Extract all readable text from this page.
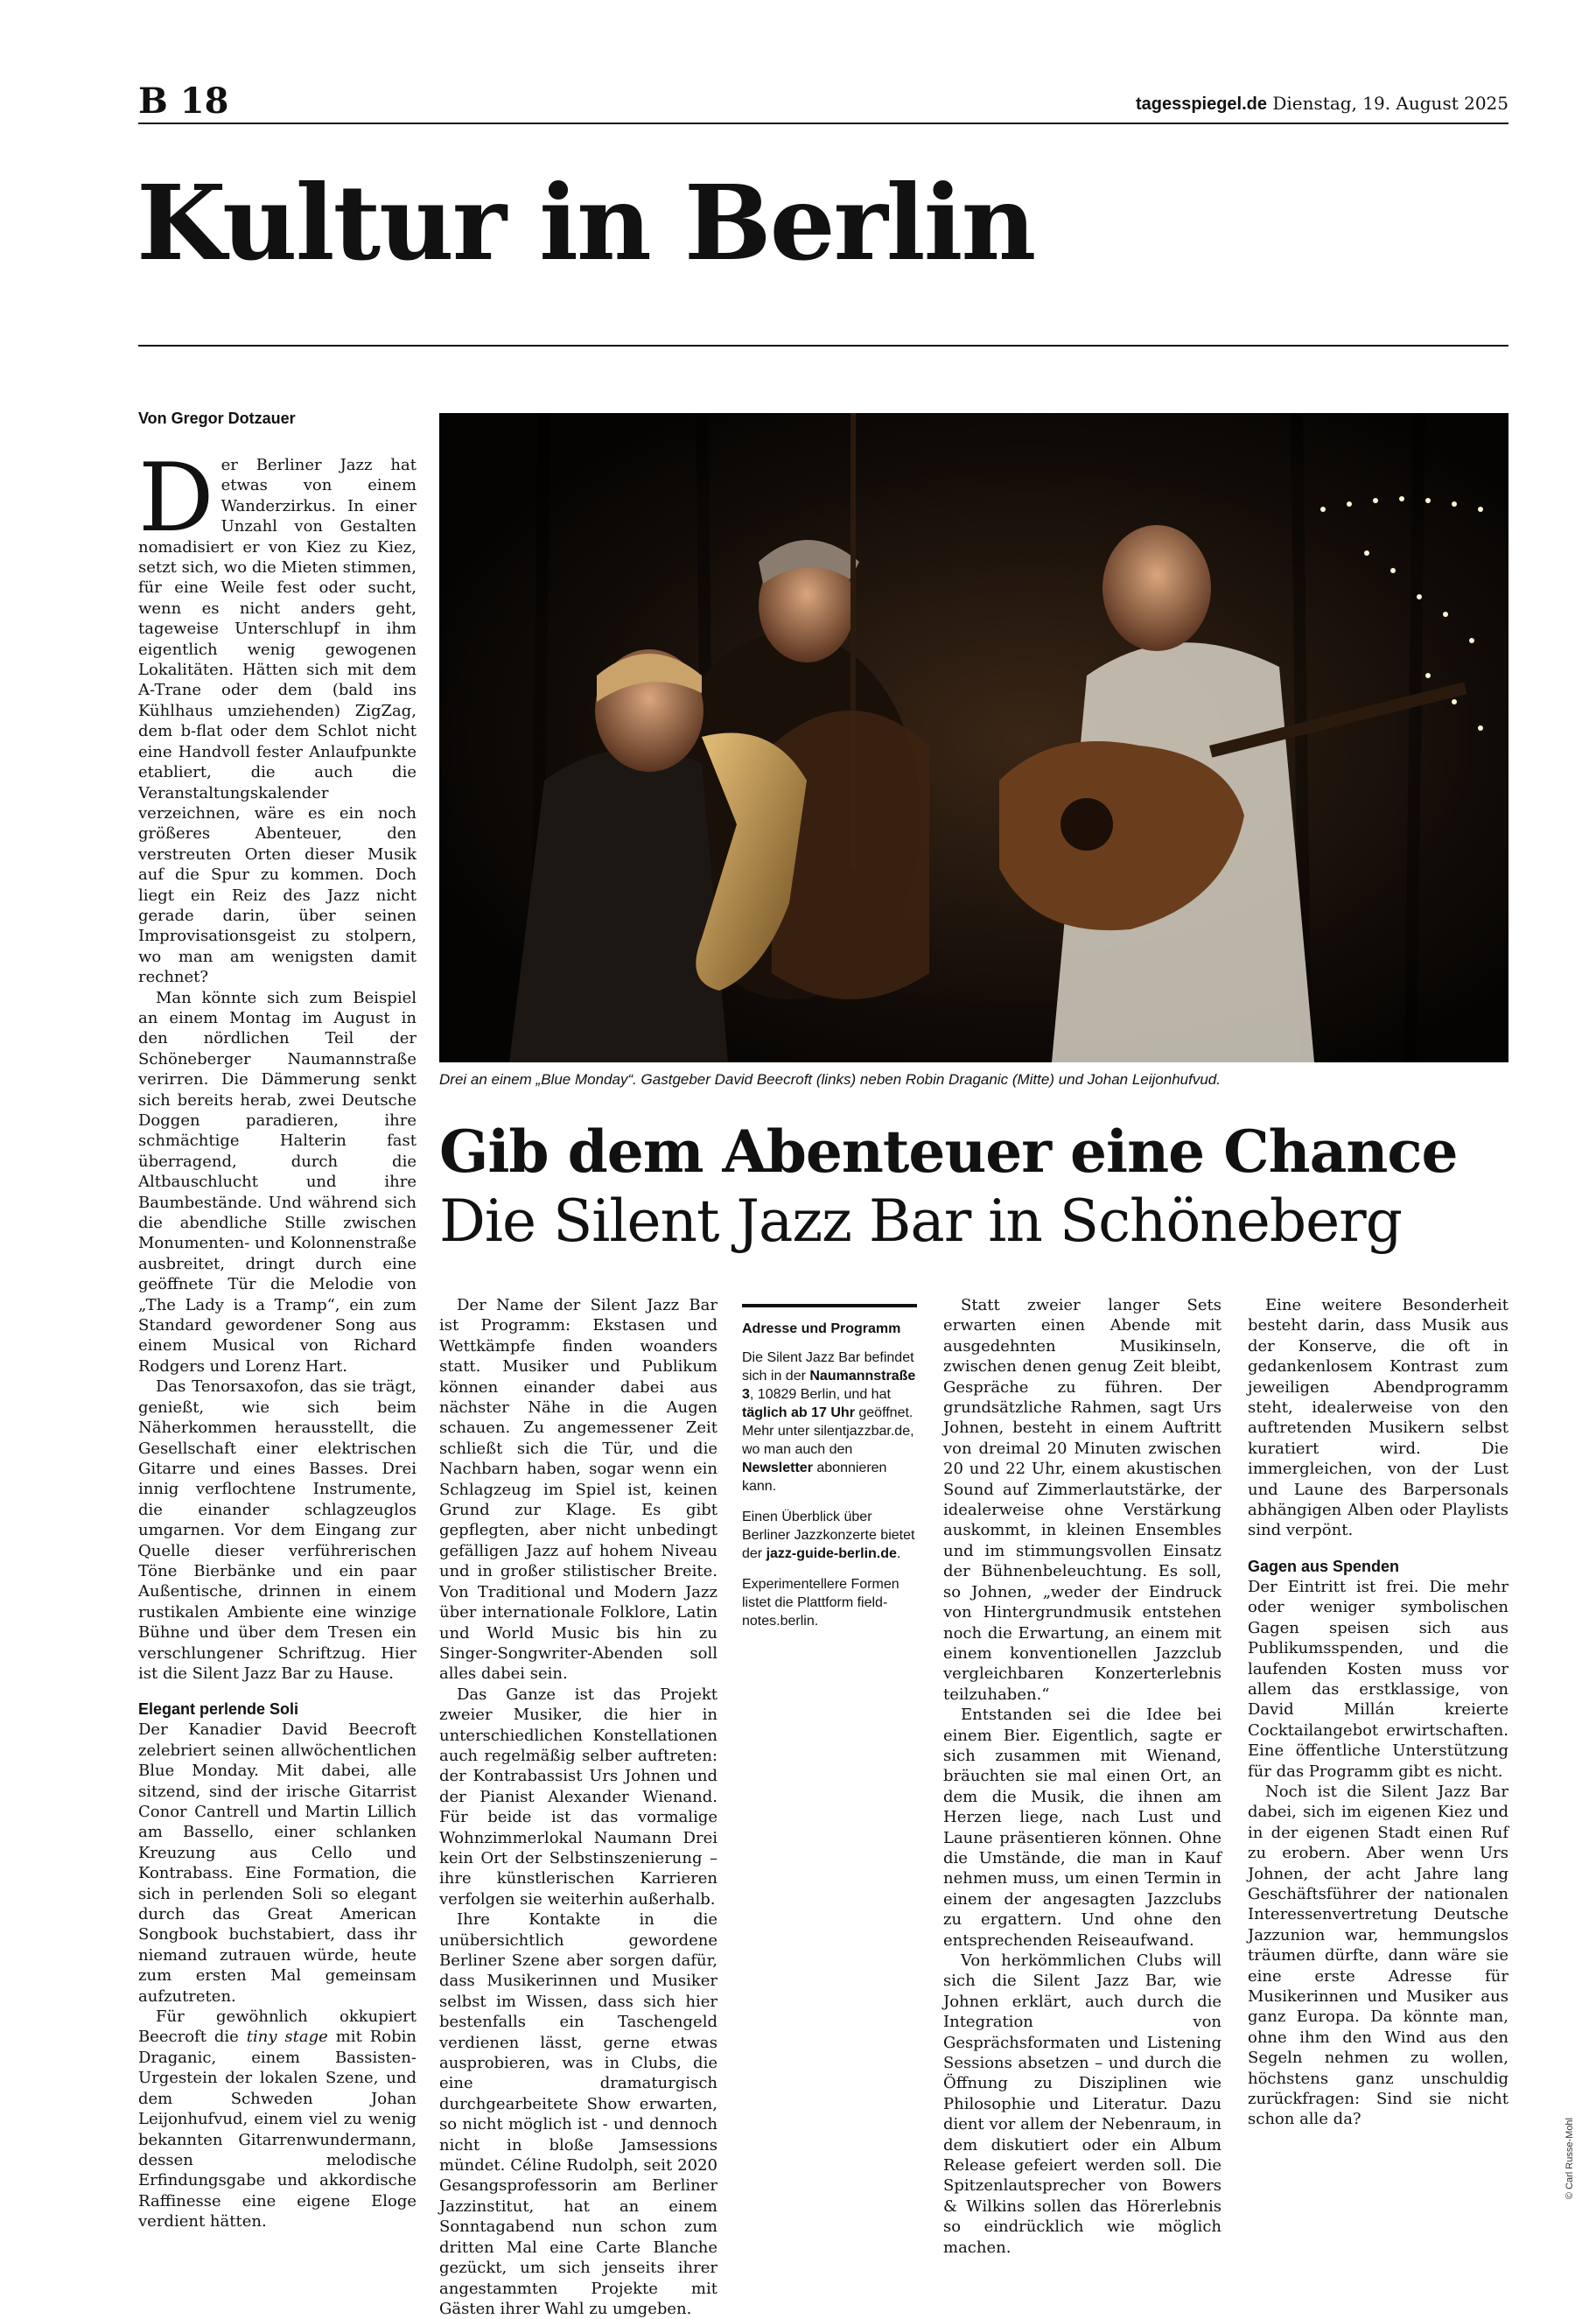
B 18	tagesspiegel.de Dienstag, 19. August 2025
Kultur in Berlin
Von Gregor Dotzauer
Drei an einem „Blue Monday“. Gastgeber David Beecroft (links) neben Robin Draganic (Mitte) und Johan Leijonhufvud.
Gib dem Abenteuer eine Chance
Die Silent Jazz Bar in Schöneberg

Der Berliner Jazz hat etwas von einem Wanderzirkus. In einer Unzahl von Gestalten nomadisiert er von Kiez zu Kiez, setzt sich, wo die Mieten stimmen, für eine Weile fest oder sucht, wenn es nicht anders geht, tageweise Unterschlupf in ihm eigentlich wenig gewogenen Lokalitäten. Hätten sich mit dem A-Trane oder dem (bald ins Kühlhaus umziehenden) ZigZag, dem b-flat oder dem Schlot nicht eine Handvoll fester Anlaufpunkte etabliert, die auch die Veranstaltungskalender verzeichnen, wäre es ein noch größeres Abenteuer, den verstreuten Orten dieser Musik auf die Spur zu kommen. Doch liegt ein Reiz des Jazz nicht gerade darin, über seinen Improvisationsgeist zu stolpern, wo man am wenigsten damit rechnet?

Man könnte sich zum Beispiel an einem Montag im August in den nördlichen Teil der Schöneberger Naumannstraße verirren. Die Dämmerung senkt sich bereits herab, zwei Deutsche Doggen paradieren, ihre schmächtige Halterin fast überragend, durch die Altbauschlucht und ihre Baumbestände. Und während sich die abendliche Stille zwischen Monumenten- und Kolonnenstraße ausbreitet, dringt durch eine geöffnete Tür die Melodie von „The Lady is a Tramp“, ein zum Standard gewordener Song aus einem Musical von Richard Rodgers und Lorenz Hart.

Das Tenorsaxofon, das sie trägt, genießt, wie sich beim Näherkommen herausstellt, die Gesellschaft einer elektrischen Gitarre und eines Basses. Drei innig verflochtene Instrumente, die einander schlagzeuglos umgarnen. Vor dem Eingang zur Quelle dieser verführerischen Töne Bierbänke und ein paar Außentische, drinnen in einem rustikalen Ambiente eine winzige Bühne und über dem Tresen ein verschlungener Schriftzug. Hier ist die Silent Jazz Bar zu Hause.

Elegant perlende Soli

Der Kanadier David Beecroft zelebriert seinen allwöchentlichen Blue Monday. Mit dabei, alle sitzend, sind der irische Gitarrist Conor Cantrell und Martin Lillich am Bassello, einer schlanken Kreuzung aus Cello und Kontrabass. Eine Formation, die sich in perlenden Soli so elegant durch das Great American Songbook buchstabiert, dass ihr niemand zutrauen würde, heute zum ersten Mal gemeinsam aufzutreten.

Für gewöhnlich okkupiert Beecroft die tiny stage mit Robin Draganic, einem Bassisten-Urgestein der lokalen Szene, und dem Schweden Johan Leijonhufvud, einem viel zu wenig bekannten Gitarrenwundermann, dessen melodische Erfindungsgabe und akkordische Raffinesse eine eigene Eloge verdient hätten.

Der Name der Silent Jazz Bar ist Programm: Ekstasen und Wettkämpfe finden woanders statt. Musiker und Publikum können einander dabei aus nächster Nähe in die Augen schauen. Zu angemessener Zeit schließt sich die Tür, und die Nachbarn haben, sogar wenn ein Schlagzeug im Spiel ist, keinen Grund zur Klage. Es gibt gepflegten, aber nicht unbedingt gefälligen Jazz auf hohem Niveau und in großer stilistischer Breite. Von Traditional und Modern Jazz über internationale Folklore, Latin und World Music bis hin zu Singer-Songwriter-Abenden soll alles dabei sein.

Das Ganze ist das Projekt zweier Musiker, die hier in unterschiedlichen Konstellationen auch regelmäßig selber auftreten: der Kontrabassist Urs Johnen und der Pianist Alexander Wienand. Für beide ist das vormalige Wohnzimmerlokal Naumann Drei kein Ort der Selbstinszenierung – ihre künstlerischen Karrieren verfolgen sie weiterhin außerhalb.

Ihre Kontakte in die unübersichtlich gewordene Berliner Szene aber sorgen dafür, dass Musikerinnen und Musiker selbst im Wissen, dass sich hier bestenfalls ein Taschengeld verdienen lässt, gerne etwas ausprobieren, was in Clubs, die eine dramaturgisch durchgearbeitete Show erwarten, so nicht möglich ist - und dennoch nicht in bloße Jamsessions mündet. Céline Rudolph, seit 2020 Gesangsprofessorin am Berliner Jazzinstitut, hat an einem Sonntagabend nun schon zum dritten Mal eine Carte Blanche gezückt, um sich jenseits ihrer angestammten Projekte mit Gästen ihrer Wahl zu umgeben.

Adresse und Programm

Die Silent Jazz Bar befindet sich in der Naumannstraße 3, 10829 Berlin, und hat täglich ab 17 Uhr geöffnet. Mehr unter silentjazzbar.de, wo man auch den Newsletter abonnieren kann.

Einen Überblick über Berliner Jazzkonzerte bietet der jazz-guide-berlin.de.

Experimentellere Formen listet die Plattform field-notes.berlin.

Statt zweier langer Sets erwarten einen Abende mit ausgedehnten Musikinseln, zwischen denen genug Zeit bleibt, Gespräche zu führen. Der grundsätzliche Rahmen, sagt Urs Johnen, besteht in einem Auftritt von dreimal 20 Minuten zwischen 20 und 22 Uhr, einem akustischen Sound auf Zimmerlautstärke, der idealerweise ohne Verstärkung auskommt, in kleinen Ensembles und im stimmungsvollen Einsatz der Bühnenbeleuchtung. Es soll, so Johnen, „weder der Eindruck von Hintergrundmusik entstehen noch die Erwartung, an einem mit einem konventionellen Jazzclub vergleichbaren Konzerterlebnis teilzuhaben.“

Entstanden sei die Idee bei einem Bier. Eigentlich, sagte er sich zusammen mit Wienand, bräuchten sie mal einen Ort, an dem die Musik, die ihnen am Herzen liege, nach Lust und Laune präsentieren können. Ohne die Umstände, die man in Kauf nehmen muss, um einen Termin in einem der angesagten Jazzclubs zu ergattern. Und ohne den entsprechenden Reiseaufwand.

Von herkömmlichen Clubs will sich die Silent Jazz Bar, wie Johnen erklärt, auch durch die Integration von Gesprächsformaten und Listening Sessions absetzen – und durch die Öffnung zu Disziplinen wie Philosophie und Literatur. Dazu dient vor allem der Nebenraum, in dem diskutiert oder ein Album Release gefeiert werden soll. Die Spitzenlautsprecher von Bowers & Wilkins sollen das Hörerlebnis so eindrücklich wie möglich machen.

Eine weitere Besonderheit besteht darin, dass Musik aus der Konserve, die oft in gedankenlosem Kontrast zum jeweiligen Abendprogramm steht, idealerweise von den auftretenden Musikern selbst kuratiert wird. Die immergleichen, von der Lust und Laune des Barpersonals abhängigen Alben oder Playlists sind verpönt.

Gagen aus Spenden

Der Eintritt ist frei. Die mehr oder weniger symbolischen Gagen speisen sich aus Publikumsspenden, und die laufenden Kosten muss vor allem das erstklassige, von David Millán kreierte Cocktailangebot erwirtschaften. Eine öffentliche Unterstützung für das Programm gibt es nicht.

Noch ist die Silent Jazz Bar dabei, sich im eigenen Kiez und in der eigenen Stadt einen Ruf zu erobern. Aber wenn Urs Johnen, der acht Jahre lang Geschäftsführer der nationalen Interessenvertretung Deutsche Jazzunion war, hemmungslos träumen dürfte, dann wäre sie eine erste Adresse für Musikerinnen und Musiker aus ganz Europa. Da könnte man, ohne ihm den Wind aus den Segeln nehmen zu wollen, höchstens ganz unschuldig zurückfragen: Sind sie nicht schon alle da?	© Carl Russe-Mohl
